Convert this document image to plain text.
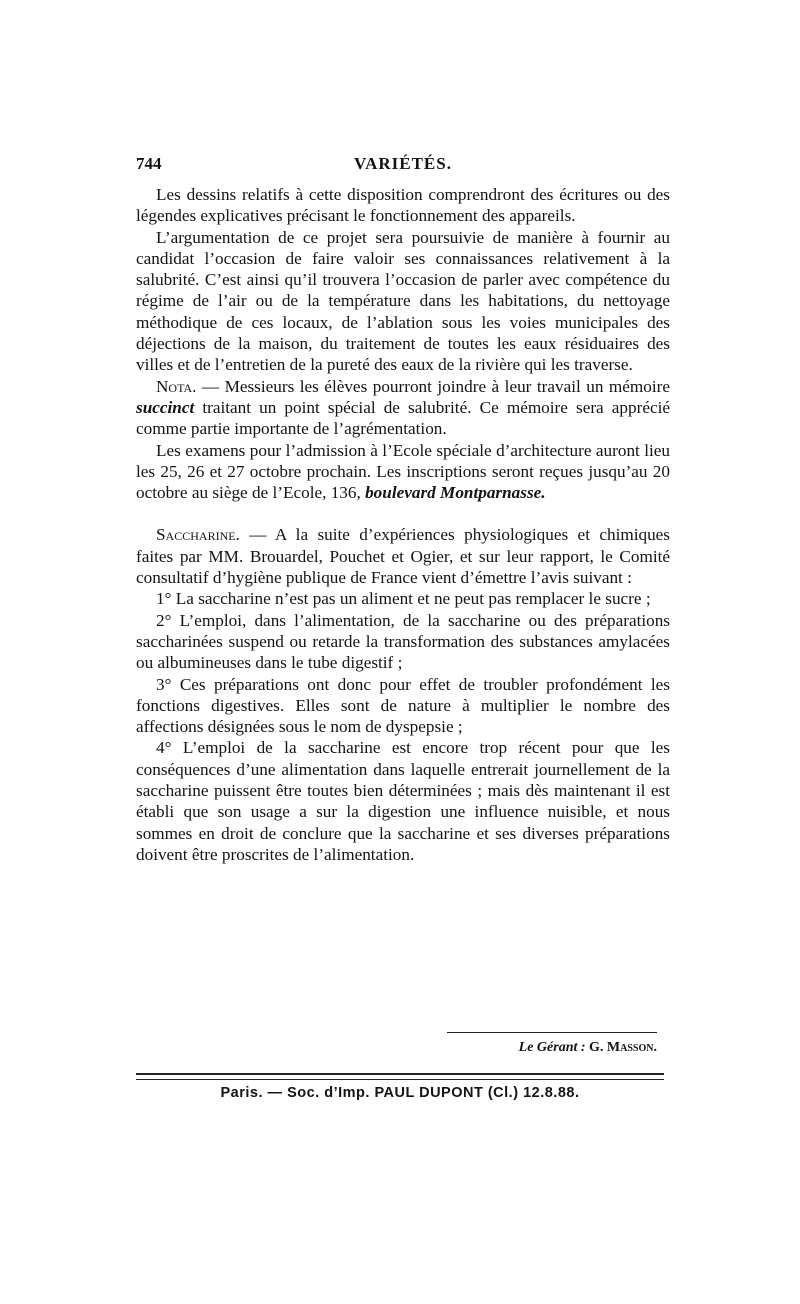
744	VARIÉTÉS.

Les dessins relatifs à cette disposition comprendront des écritures ou des légendes explicatives précisant le fonctionnement des appareils.

L’argumentation de ce projet sera poursuivie de manière à fournir au candidat l’occasion de faire valoir ses connaissances relativement à la salubrité. C’est ainsi qu’il trouvera l’occasion de parler avec compétence du régime de l’air ou de la température dans les habitations, du nettoyage méthodique de ces locaux, de l’ablation sous les voies municipales des déjections de la maison, du traitement de toutes les eaux résiduaires des villes et de l’entretien de la pureté des eaux de la rivière qui les traverse.

Nota. — Messieurs les élèves pourront joindre à leur travail un mémoire succinct traitant un point spécial de salubrité. Ce mémoire sera apprécié comme partie importante de l’agrémentation.

Les examens pour l’admission à l’Ecole spéciale d’architecture auront lieu les 25, 26 et 27 octobre prochain. Les inscriptions seront reçues jusqu’au 20 octobre au siège de l’Ecole, 136, boulevard Montparnasse.

Saccharine. — A la suite d’expériences physiologiques et chimiques faites par MM. Brouardel, Pouchet et Ogier, et sur leur rapport, le Comité consultatif d’hygiène publique de France vient d’émettre l’avis suivant :

1° La saccharine n’est pas un aliment et ne peut pas remplacer le sucre ;

2° L’emploi, dans l’alimentation, de la saccharine ou des préparations saccharinées suspend ou retarde la transformation des substances amylacées ou albumineuses dans le tube digestif ;

3° Ces préparations ont donc pour effet de troubler profondément les fonctions digestives. Elles sont de nature à multiplier le nombre des affections désignées sous le nom de dyspepsie ;

4° L’emploi de la saccharine est encore trop récent pour que les conséquences d’une alimentation dans laquelle entrerait journellement de la saccharine puissent être toutes bien déterminées ; mais dès maintenant il est établi que son usage a sur la digestion une influence nuisible, et nous sommes en droit de conclure que la saccharine et ses diverses préparations doivent être proscrites de l’alimentation.

Le Gérant : G. Masson.
Paris. — Soc. d’Imp. PAUL DUPONT (Cl.) 12.8.88.
